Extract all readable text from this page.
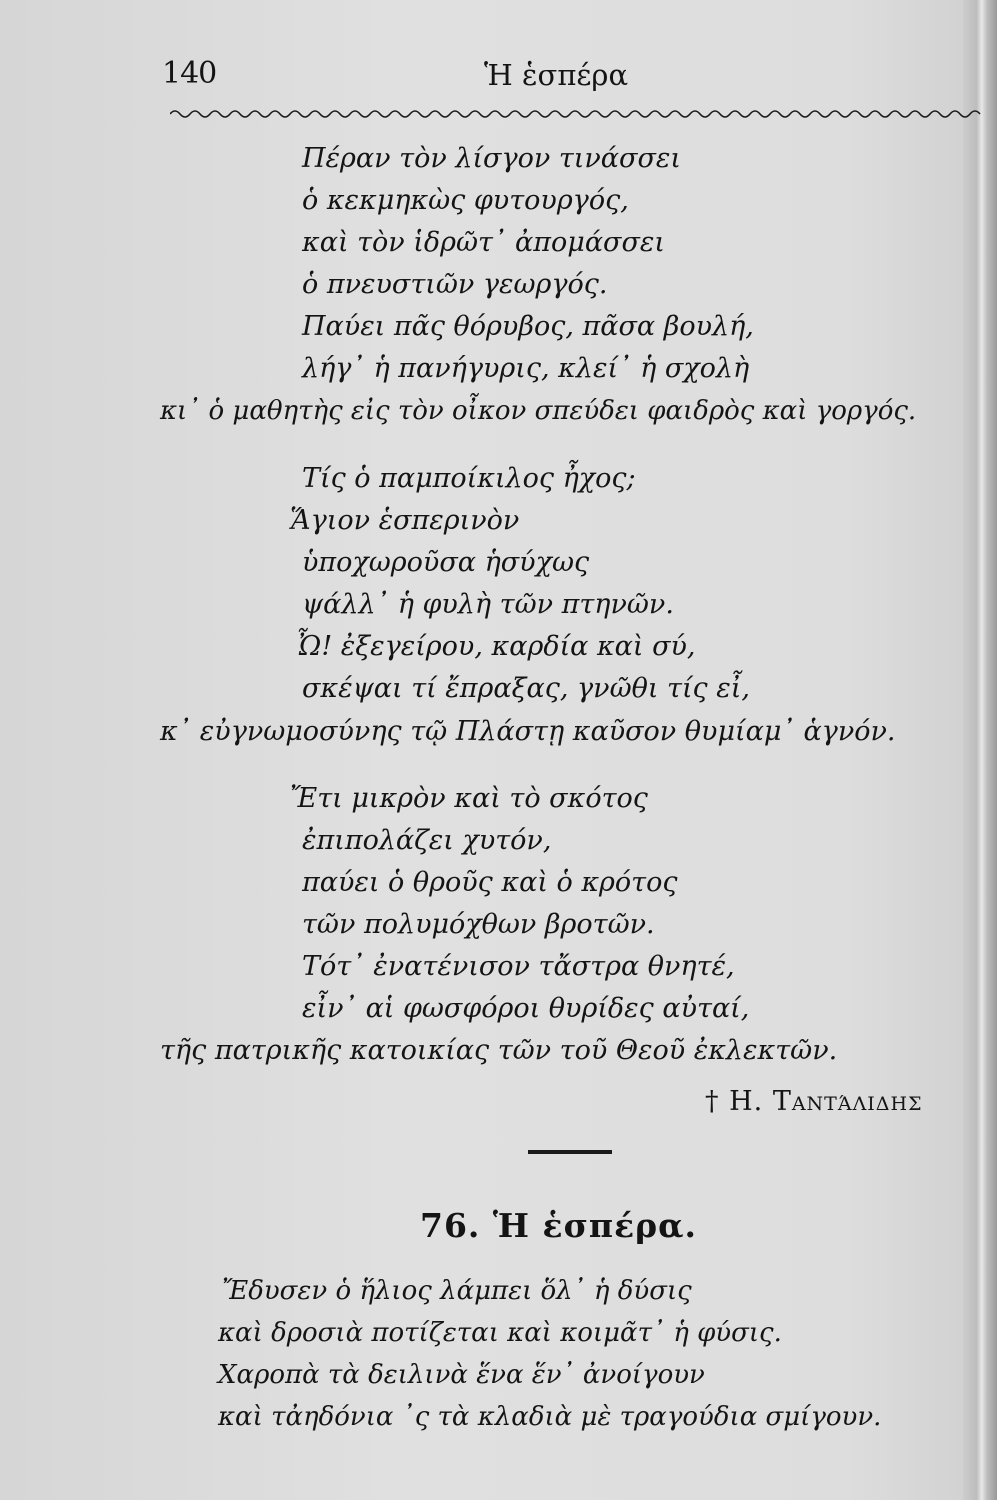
140	Ἡ ἑσπέρα
Πέραν τὸν λίσγον τινάσσει
ὁ κεκμηκὼς φυτουργός,
καὶ τὸν ἱδρῶτ᾽ ἀπομάσσει
ὁ πνευστιῶν γεωργός.
Παύει πᾶς θόρυβος, πᾶσα βουλή,
λήγ᾽ ἡ πανήγυρις, κλεί᾽ ἡ σχολὴ
κι᾽ ὁ μαθητὴς εἰς τὸν οἶκον σπεύδει φαιδρὸς καὶ γοργός.
Τίς ὁ παμποίκιλος ἦχος;
Ἅγιον ἑσπερινὸν
ὑποχωροῦσα ἡσύχως
ψάλλ᾽ ἡ φυλὴ τῶν πτηνῶν.
Ὦ! ἐξεγείρου, καρδία καὶ σύ,
σκέψαι τί ἔπραξας, γνῶθι τίς εἶ,
κ᾽ εὐγνωμοσύνης τῷ Πλάστῃ καῦσον θυμίαμ᾽ ἁγνόν.
Ἔτι μικρὸν καὶ τὸ σκότος
ἐπιπολάζει χυτόν,
παύει ὁ θροῦς καὶ ὁ κρότος
τῶν πολυμόχθων βροτῶν.
Τότ᾽ ἐνατένισον τἄστρα θνητέ,
εἶν᾽ αἱ φωσφόροι θυρίδες αὐταί,
τῆς πατρικῆς κατοικίας τῶν τοῦ Θεοῦ ἐκλεκτῶν.
† Η. Ταντάλιδης
76. Ἡ ἑσπέρα.
Ἔδυσεν ὁ ἥλιος λάμπει ὅλ᾽ ἡ δύσις
καὶ δροσιὰ ποτίζεται καὶ κοιμᾶτ᾽ ἡ φύσις.
Χαροπὰ τὰ δειλινὰ ἕνα ἕν᾽ ἀνοίγουν
καὶ τἀηδόνια ᾽ς τὰ κλαδιὰ μὲ τραγούδια σμίγουν.
